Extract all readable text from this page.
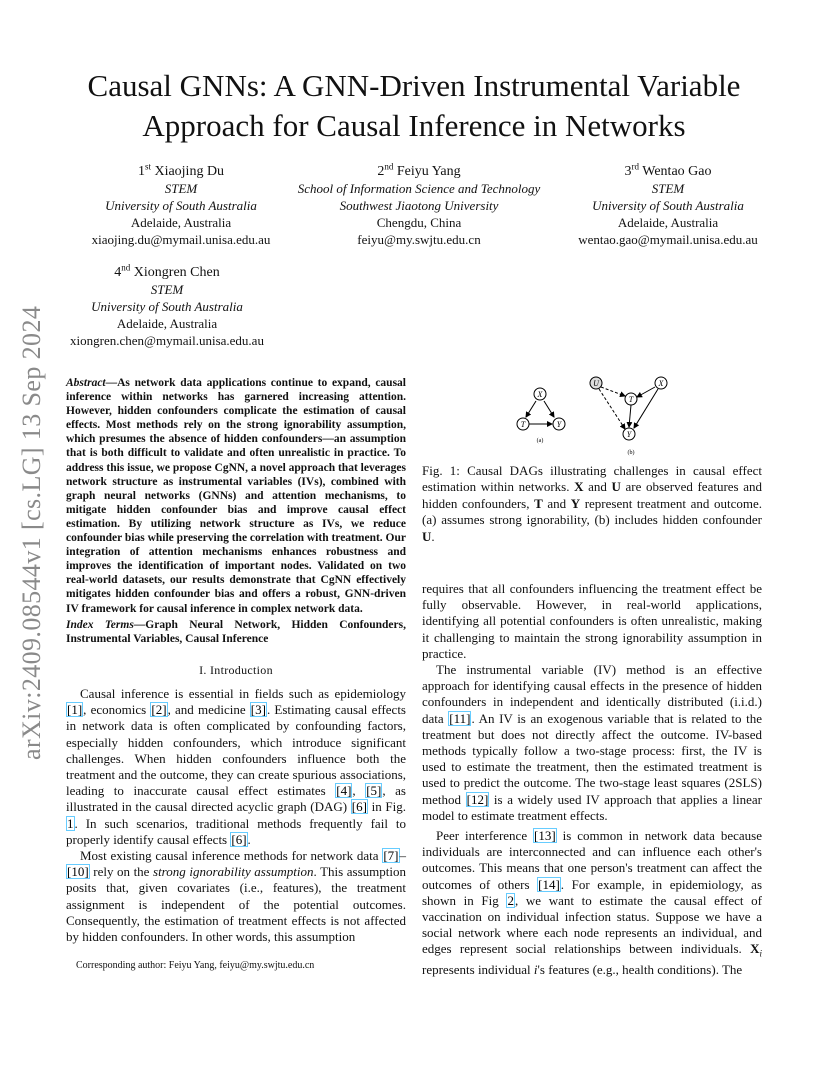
arXiv:2409.08544v1 [cs.LG] 13 Sep 2024
Causal GNNs: A GNN-Driven Instrumental Variable
Approach for Causal Inference in Networks
1st Xiaojing Du
STEM
University of South Australia
Adelaide, Australia
xiaojing.du@mymail.unisa.edu.au
2nd Feiyu Yang
School of Information Science and Technology
Southwest Jiaotong University
Chengdu, China
feiyu@my.swjtu.edu.cn
3rd Wentao Gao
STEM
University of South Australia
Adelaide, Australia
wentao.gao@mymail.unisa.edu.au
4nd Xiongren Chen
STEM
University of South Australia
Adelaide, Australia
xiongren.chen@mymail.unisa.edu.au
Abstract—As network data applications continue to expand, causal inference within networks has garnered increasing attention. However, hidden confounders complicate the estimation of causal effects. Most methods rely on the strong ignorability assumption, which presumes the absence of hidden confounders—an assumption that is both difficult to validate and often unrealistic in practice. To address this issue, we propose CgNN, a novel approach that leverages network structure as instrumental variables (IVs), combined with graph neural networks (GNNs) and attention mechanisms, to mitigate hidden confounder bias and improve causal effect estimation. By utilizing network structure as IVs, we reduce confounder bias while preserving the correlation with treatment. Our integration of attention mechanisms enhances robustness and improves the identification of important nodes. Validated on two real-world datasets, our results demonstrate that CgNN effectively mitigates hidden confounder bias and offers a robust, GNN-driven IV framework for causal inference in complex network data.
Index Terms—Graph Neural Network, Hidden Confounders, Instrumental Variables, Causal Inference
I. Introduction

Causal inference is essential in fields such as epidemiology [1], economics [2], and medicine [3]. Estimating causal effects in network data is often complicated by confounding factors, especially hidden confounders, which introduce significant challenges. When hidden confounders influence both the treatment and the outcome, they can create spurious associations, leading to inaccurate causal effect estimates [4], [5], as illustrated in the causal directed acyclic graph (DAG) [6] in Fig. 1. In such scenarios, traditional methods frequently fail to properly identify causal effects [6].

Most existing causal inference methods for network data [7]–[10] rely on the strong ignorability assumption. This assumption posits that, given covariates (i.e., features), the treatment assignment is independent of the potential outcomes. Consequently, the estimation of treatment effects is not affected by hidden confounders. In other words, this assumption

Corresponding author: Feiyu Yang, feiyu@my.swjtu.edu.cn
X
T	Y
(a)
U	X
T
Y
(b)
Fig. 1: Causal DAGs illustrating challenges in causal effect estimation within networks. X and U are observed features and hidden confounders, T and Y represent treatment and outcome. (a) assumes strong ignorability, (b) includes hidden confounder U.

requires that all confounders influencing the treatment effect be fully observable. However, in real-world applications, identifying all potential confounders is often unrealistic, making it challenging to maintain the strong ignorability assumption in practice.

The instrumental variable (IV) method is an effective approach for identifying causal effects in the presence of hidden confounders in independent and identically distributed (i.i.d.) data [11]. An IV is an exogenous variable that is related to the treatment but does not directly affect the outcome. IV-based methods typically follow a two-stage process: first, the IV is used to estimate the treatment, then the estimated treatment is used to predict the outcome. The two-stage least squares (2SLS) method [12] is a widely used IV approach that applies a linear model to estimate treatment effects.

Peer interference [13] is common in network data because individuals are interconnected and can influence each other's outcomes. This means that one person's treatment can affect the outcomes of others [14]. For example, in epidemiology, as shown in Fig 2, we want to estimate the causal effect of vaccination on individual infection status. Suppose we have a social network where each node represents an individual, and edges represent social relationships between individuals. $X_i$ represents individual i's features (e.g., health conditions). The
